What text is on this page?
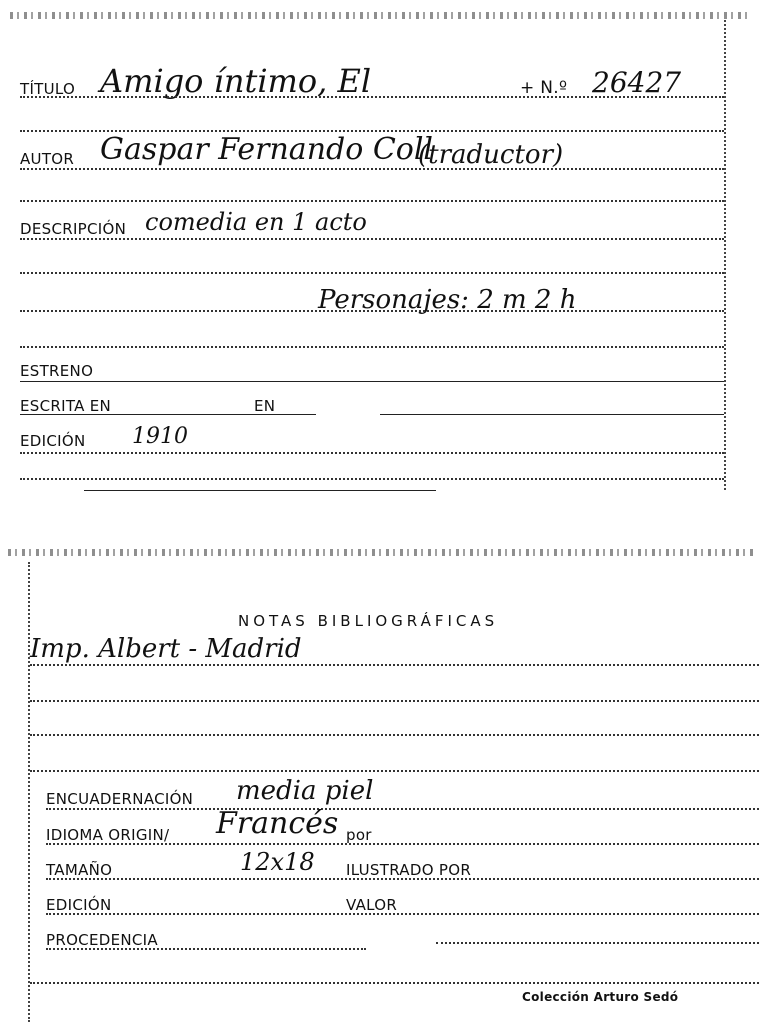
TÍTULO Amigo íntimo, El	+ N.º 26427
AUTOR Gaspar Fernando Coll
(traductor)
DESCRIPCIÓN comedia en 1 acto
Personajes: 2 m 2 h
ESTRENO
ESCRITA EN	EN
EDICIÓN 1910
NOTAS BIBLIOGRÁFICAS
Imp. Albert - Madrid
ENCUADERNACIÓN media piel
IDIOMA ORIGIN/ Francés por
TAMAÑO	12x18 ILUSTRADO POR
EDICIÓN	VALOR
PROCEDENCIA
Colección Arturo Sedó
